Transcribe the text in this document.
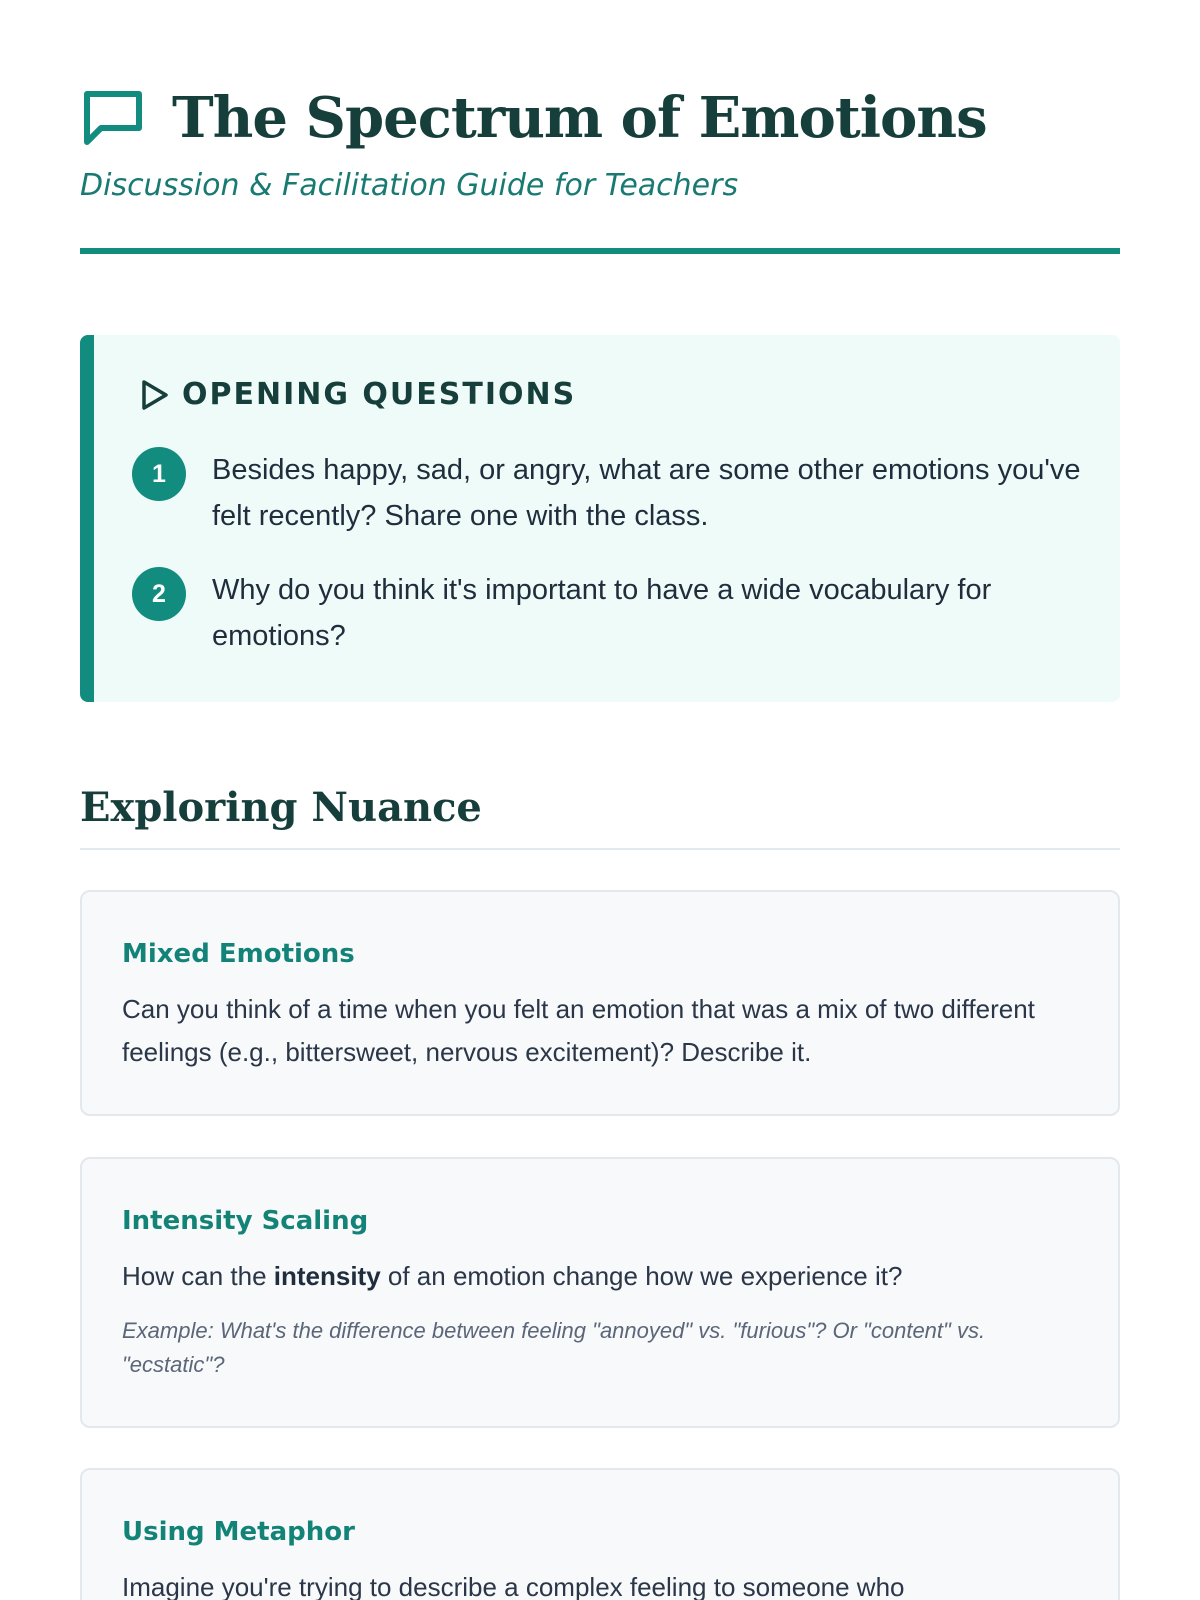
The Spectrum of Emotions
Discussion & Facilitation Guide for Teachers
OPENING QUESTIONS
1	Besides happy, sad, or angry, what are some other emotions you've felt recently? Share one with the class.
2	Why do you think it's important to have a wide vocabulary for emotions?
Exploring Nuance
Mixed Emotions
Can you think of a time when you felt an emotion that was a mix of two different feelings (e.g., bittersweet, nervous excitement)? Describe it.
Intensity Scaling
How can the intensity of an emotion change how we experience it?
Example: What's the difference between feeling "annoyed" vs. "furious"? Or "content" vs. "ecstatic"?
Using Metaphor
Imagine you're trying to describe a complex feeling to someone who
